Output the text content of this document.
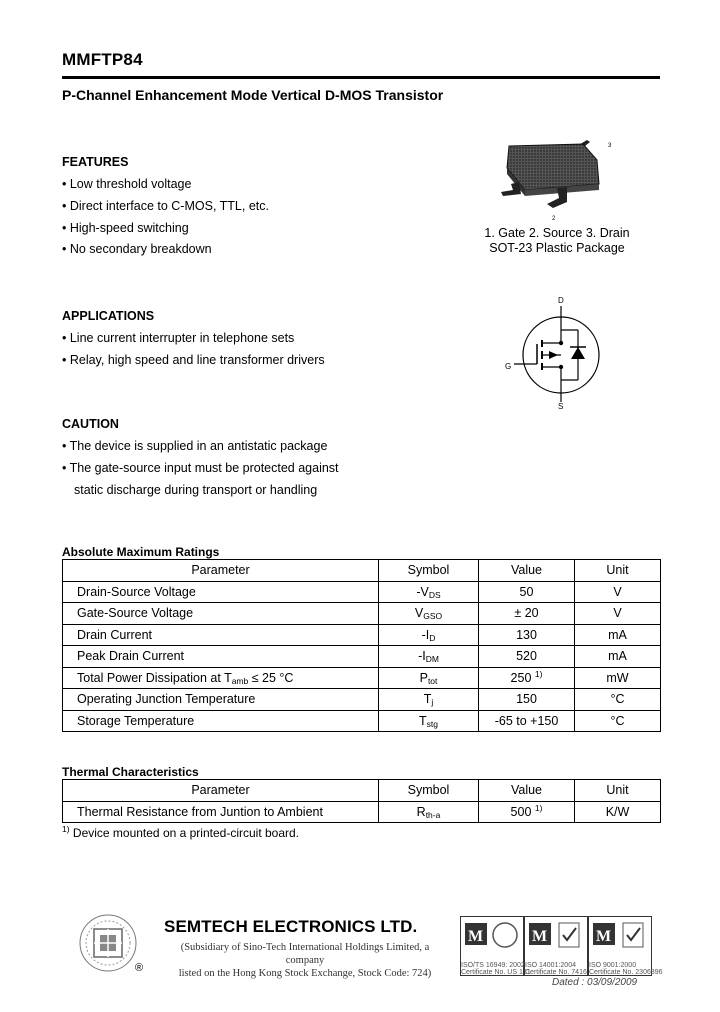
MMFTP84
P-Channel Enhancement Mode Vertical D-MOS Transistor
FEATURES
• Low threshold voltage
• Direct interface to C-MOS, TTL, etc.
• High-speed switching
• No secondary breakdown
APPLICATIONS
• Line current interrupter in telephone sets
• Relay, high speed and line transformer drivers
CAUTION
• The device is supplied in an antistatic package
• The gate-source input must be protected against
static discharge during transport or handling
3
2
1. Gate 2. Source 3. Drain
SOT-23 Plastic Package
D
G
S
Absolute Maximum Ratings
Parameter	Symbol	Value	Unit
Drain-Source Voltage	$-V_{DS}$	50	V
Gate-Source Voltage	$V_{GSO}$	± 20	V
Drain Current	$-I_D$	130	mA
Peak Drain Current	$-I_{DM}$	520	mA
Total Power Dissipation at $T_{amb} \le 25$ °C	$P_{tot}$	250 $^{1)}$	mW
Operating Junction Temperature	$T_j$	150	°C
Storage Temperature	$T_{stg}$	-65 to +150	°C
Thermal Characteristics
Parameter	Symbol	Value	Unit
Thermal Resistance from Juntion to Ambient	$R_{th-a}$	500 $^{1)}$	K/W
$^{1)}$ Device mounted on a printed-circuit board.
®
SEMTECH ELECTRONICS LTD.
(Subsidiary of Sino-Tech International Holdings Limited, a company
listed on the Hong Kong Stock Exchange, Stock Code: 724)
M
ISO/TS 16949: 2002
Certificate No. US 131
M
ISO 14001:2004
Certificate No. 7416
M
ISO 9001:2000
Certificate No. 2306896
Dated : 03/09/2009
